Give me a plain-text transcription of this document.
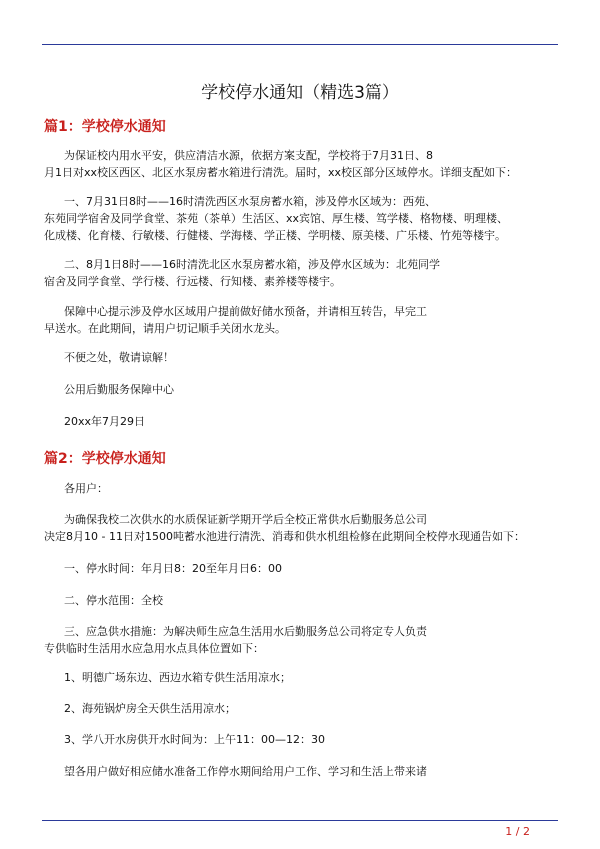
学校停水通知（精选3篇）
篇1：学校停水通知
为保证校内用水平安，供应清洁水源，依据方案支配，学校将于7月31日、8
月1日对xx校区西区、北区水泵房蓄水箱进行清洗。届时，xx校区部分区域停水。详细支配如下：
一、7月31日8时——16时清洗西区水泵房蓄水箱，涉及停水区域为：西苑、
东苑同学宿舍及同学食堂、茶苑（茶单）生活区、xx宾馆、厚生楼、笃学楼、格物楼、明理楼、
化成楼、化育楼、行敏楼、行健楼、学海楼、学正楼、学明楼、原美楼、广乐楼、竹苑等楼宇。
二、8月1日8时——16时清洗北区水泵房蓄水箱，涉及停水区域为：北苑同学
宿舍及同学食堂、学行楼、行远楼、行知楼、素养楼等楼宇。
保障中心提示涉及停水区域用户提前做好储水预备，并请相互转告，早完工
早送水。在此期间，请用户切记顺手关闭水龙头。
不便之处，敬请谅解！
公用后勤服务保障中心
20xx年7月29日
篇2：学校停水通知
各用户：
为确保我校二次供水的水质保证新学期开学后全校正常供水后勤服务总公司
决定8月10 - 11日对1500吨蓄水池进行清洗、消毒和供水机组检修在此期间全校停水现通告如下：
一、停水时间：年月日8：20至年月日6：00
二、停水范围：全校
三、应急供水措施：为解决师生应急生活用水后勤服务总公司将定专人负责
专供临时生活用水应急用水点具体位置如下：
1、明德广场东边、西边水箱专供生活用凉水；
2、海苑锅炉房全天供生活用凉水；
3、学八开水房供开水时间为：上午11：00—12：30
望各用户做好相应储水准备工作停水期间给用户工作、学习和生活上带来诸
1 / 2
